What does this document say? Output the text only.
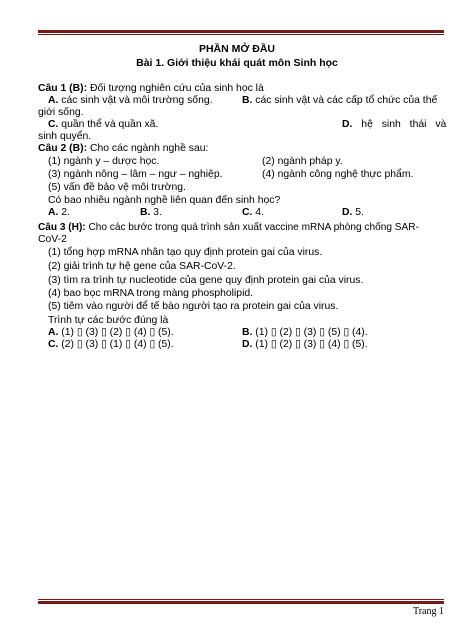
PHẦN MỞ ĐẦU
Bài 1. Giới thiệu khái quát môn Sinh học
Câu 1 (B): Đối tượng nghiên cứu của sinh học là
A. các sinh vật và môi trường sống.	B. các sinh vật và các cấp tổ chức của thế
giới sống.
C. quần thể và quần xã.	D. hệ sinh thái và
sinh quyển.
Câu 2 (B): Cho các ngành nghề sau:
(1) ngành y – dược học.	(2) ngành pháp y.
(3) ngành nông – lâm – ngư – nghiệp.	(4) ngành công nghệ thực phẩm.
(5) vấn đề bảo vệ môi trường.
Có bao nhiêu ngành nghề liên quan đến sinh học?
A. 2.	B. 3.	C. 4.	D. 5.
Câu 3 (H): Cho các bước trong quá trình sản xuất vaccine mRNA phòng chống SAR-
CoV-2
(1) tổng hợp mRNA nhân tạo quy định protein gai của virus.
(2) giải trình tự hệ gene của SAR-CoV-2.
(3) tìm ra trình tự nucleotide của gene quy định protein gai của virus.
(4) bao bọc mRNA trong màng phospholipid.
(5) tiêm vào người để tế bào người tạo ra protein gai của virus.
Trình tự các bước đúng là
A. (1) ▯ (3) ▯ (2) ▯ (4) ▯ (5).	B. (1) ▯ (2) ▯ (3) ▯ (5) ▯ (4).
C. (2) ▯ (3) ▯ (1) ▯ (4) ▯ (5).	D. (1) ▯ (2) ▯ (3) ▯ (4) ▯ (5).
Trang 1
